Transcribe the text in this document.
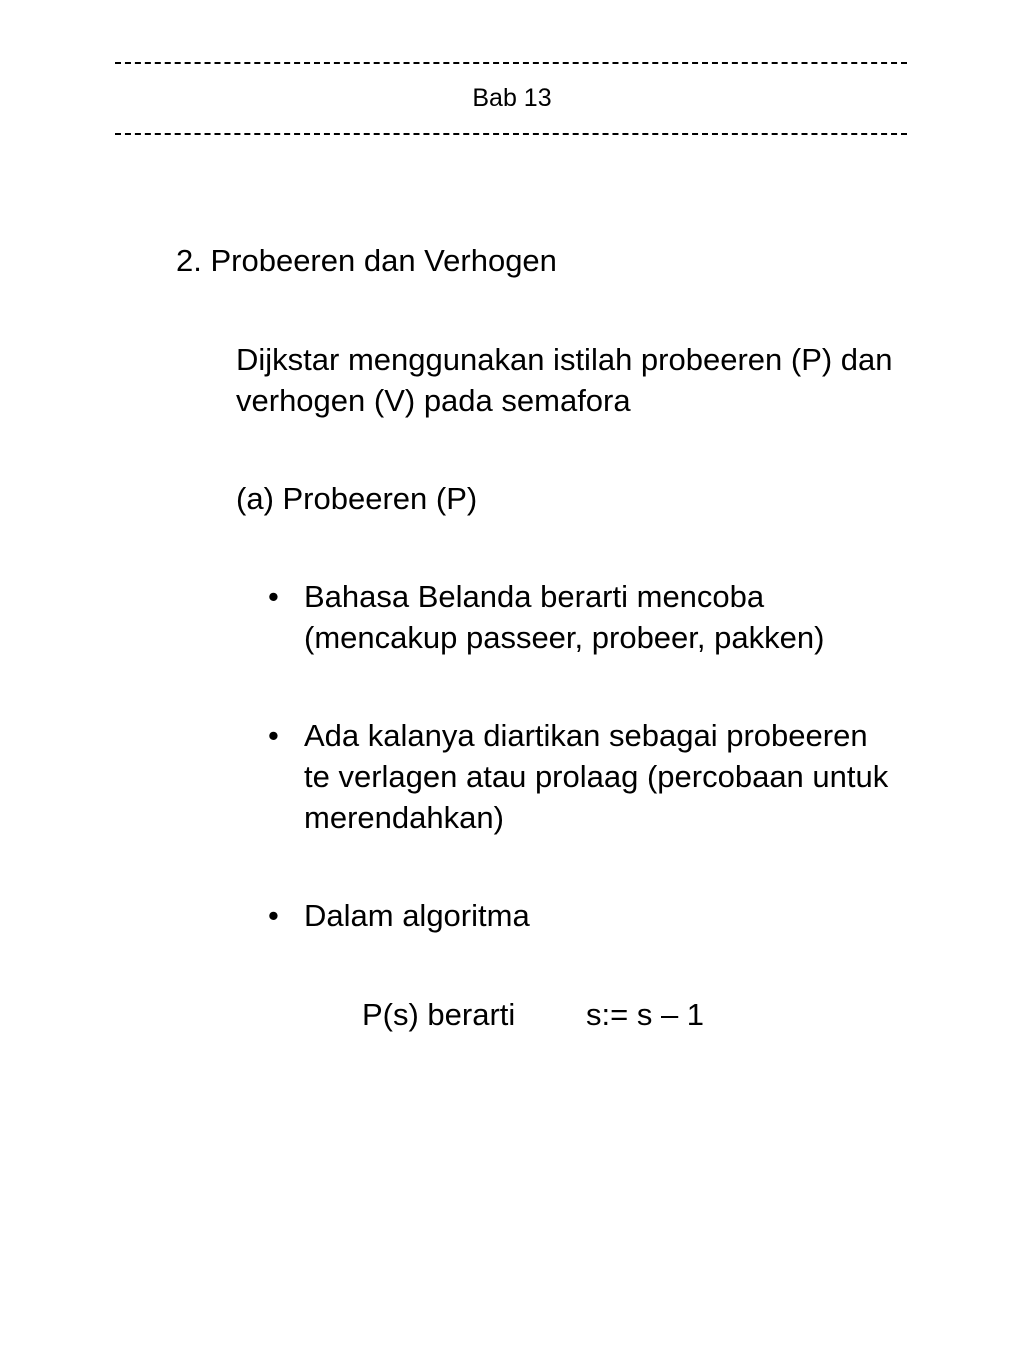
Bab 13
2. Probeeren dan Verhogen
Dijkstar menggunakan istilah probeeren (P) dan
verhogen (V) pada semafora
(a) Probeeren (P)
• Bahasa Belanda berarti mencoba
(mencakup passeer, probeer, pakken)
• Ada kalanya diartikan sebagai probeeren
te verlagen atau prolaag (percobaan untuk
merendahkan)
• Dalam algoritma
P(s) berarti s:= s – 1
